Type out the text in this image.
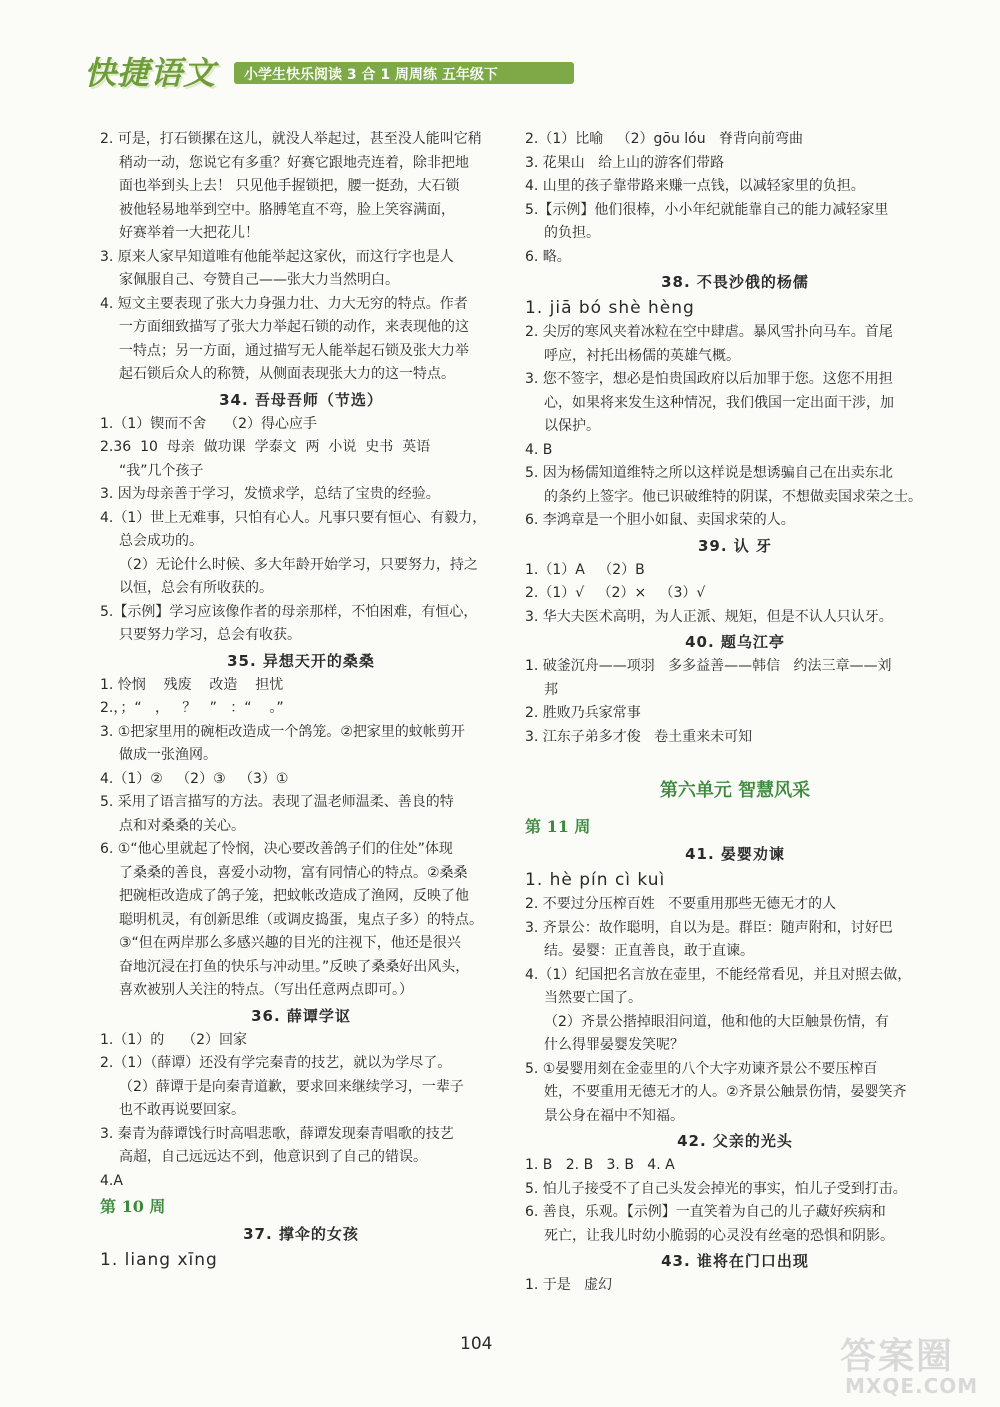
快捷语文 小学生快乐阅读 3 合 1 周周练 五年级下
2. 可是，打石锁摞在这儿，就没人举起过，甚至没人能叫它稍
稍动一动，您说它有多重？好赛它跟地壳连着，除非把地
面也举到头上去！ 只见他手握锁把，腰一挺劲，大石锁
被他轻易地举到空中。胳膊笔直不弯，脸上笑容满面，
好赛举着一大把花儿！
3. 原来人家早知道唯有他能举起这家伙，而这行字也是人
家佩服自己、夸赞自己——张大力当然明白。
4. 短文主要表现了张大力身强力壮、力大无穷的特点。作者
一方面细致描写了张大力举起石锁的动作，来表现他的这
一特点；另一方面，通过描写无人能举起石锁及张大力举
起石锁后众人的称赞，从侧面表现张大力的这一特点。
34. 吾母吾师（节选）
1.（1）锲而不舍    （2）得心应手
2.36  10  母亲  做功课  学泰文  两  小说  史书  英语
“我”几个孩子
3. 因为母亲善于学习，发愤求学，总结了宝贵的经验。
4.（1）世上无难事，只怕有心人。凡事只要有恒心、有毅力，
总会成功的。
（2）无论什么时候、多大年龄开始学习，只要努力，持之
以恒，总会有所收获的。
5.【示例】学习应该像作者的母亲那样，不怕困难，有恒心，
只要努力学习，总会有收获。
35. 异想天开的桑桑
1. 怜悯    残废    改造    担忧
2.，；“   ，   ？   ”   ：“    。”
3. ①把家里用的碗柜改造成一个鸽笼。②把家里的蚊帐剪开
做成一张渔网。
4.（1）②   （2）③   （3）①
5. 采用了语言描写的方法。表现了温老师温柔、善良的特
点和对桑桑的关心。
6. ①“他心里就起了怜悯，决心要改善鸽子们的住处”体现
了桑桑的善良，喜爱小动物，富有同情心的特点。②桑桑
把碗柜改造成了鸽子笼，把蚊帐改造成了渔网，反映了他
聪明机灵，有创新思维（或调皮捣蛋，鬼点子多）的特点。
③“但在两岸那么多感兴趣的目光的注视下，他还是很兴
奋地沉浸在打鱼的快乐与冲动里。”反映了桑桑好出风头，
喜欢被别人关注的特点。（写出任意两点即可。）
36. 薛谭学讴
1.（1）的    （2）回家
2.（1）（薛谭）还没有学完秦青的技艺，就以为学尽了。
（2）薛谭于是向秦青道歉，要求回来继续学习，一辈子
也不敢再说要回家。
3. 秦青为薛谭饯行时高唱悲歌，薛谭发现秦青唱歌的技艺
高超，自己远远达不到，他意识到了自己的错误。
4.A
第 10 周
37. 撑伞的女孩
1. liang xīng
2.（1）比喻   （2）gōu lóu   脊背向前弯曲
3. 花果山   给上山的游客们带路
4. 山里的孩子靠带路来赚一点钱，以减轻家里的负担。
5.【示例】他们很棒，小小年纪就能靠自己的能力减轻家里
的负担。
6. 略。
38. 不畏沙俄的杨儒
1. jiā bó shè hèng
2. 尖厉的寒风夹着冰粒在空中肆虐。暴风雪扑向马车。首尾
呼应，衬托出杨儒的英雄气概。
3. 您不签字，想必是怕贵国政府以后加罪于您。这您不用担
心，如果将来发生这种情况，我们俄国一定出面干涉，加
以保护。
4. B
5. 因为杨儒知道维特之所以这样说是想诱骗自己在出卖东北
的条约上签字。他已识破维特的阴谋，不想做卖国求荣之士。
6. 李鸿章是一个胆小如鼠、卖国求荣的人。
39. 认 牙
1.（1）A   （2）B
2.（1）√   （2）×   （3）√
3. 华大夫医术高明，为人正派、规矩，但是不认人只认牙。
40. 题乌江亭
1. 破釜沉舟——项羽   多多益善——韩信   约法三章——刘
邦
2. 胜败乃兵家常事
3. 江东子弟多才俊   卷土重来未可知
第六单元 智慧风采
第 11 周
41. 晏婴劝谏
1. hè pín cì kuì
2. 不要过分压榨百姓   不要重用那些无德无才的人
3. 齐景公：故作聪明，自以为是。群臣：随声附和，讨好巴
结。晏婴：正直善良，敢于直谏。
4.（1）纪国把名言放在壶里，不能经常看见，并且对照去做，
当然要亡国了。
（2）齐景公揩掉眼泪问道，他和他的大臣触景伤情，有
什么得罪晏婴发笑呢？
5. ①晏婴用刻在金壶里的八个大字劝谏齐景公不要压榨百
姓，不要重用无德无才的人。②齐景公触景伤情，晏婴笑齐
景公身在福中不知福。
42. 父亲的光头
1. B   2. B   3. B   4. A
5. 怕儿子接受不了自己头发会掉光的事实，怕儿子受到打击。
6. 善良，乐观。【示例】一直笑着为自己的儿子藏好疾病和
死亡，让我儿时幼小脆弱的心灵没有丝毫的恐惧和阴影。
43. 谁将在门口出现
1. 于是   虚幻
104	答案圈
MXQE.COM
